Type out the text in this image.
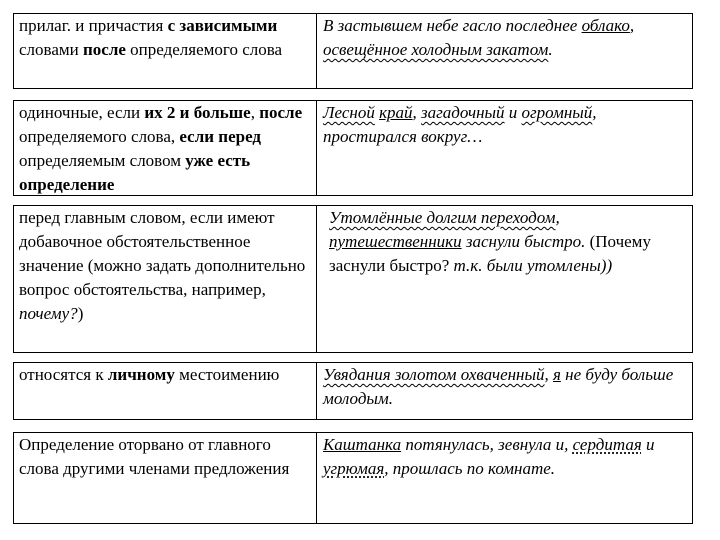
прилаг. и причастия с зависимыми словами после определяемого слова
В застывшем небе гасло последнее облако, освещённое холодным закатом.
одиночные, если их 2 и больше, после определяемого слова, если перед определяемым словом уже есть определение
Лесной край, загадочный и огромный, простирался вокруг…
перед главным словом, если имеют добавочное обстоятельственное значение (можно задать дополнительно вопрос обстоятельства, например, почему?)
Утомлённые долгим переходом, путешественники заснули быстро. (Почему заснули быстро? т.к. были утомлены))
относятся к личному местоимению	Увядания золотом охваченный, я не буду больше молодым.
Определение оторвано от главного слова другими членами предложения
Каштанка потянулась, зевнула и, сердитая и угрюмая, прошлась по комнате.
